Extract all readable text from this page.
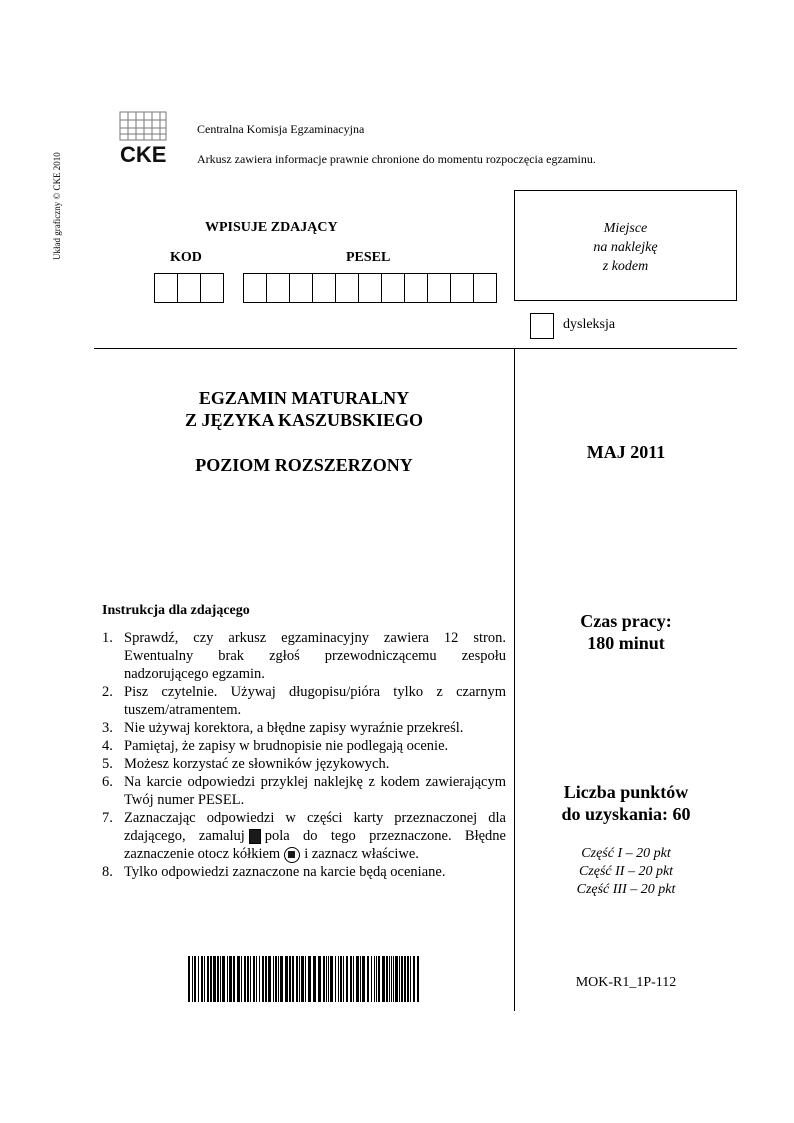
CKE
Centralna Komisja Egzaminacyjna
Arkusz zawiera informacje prawnie chronione do momentu rozpoczęcia egzaminu.
Układ graficzny © CKE 2010	WPISUJE ZDAJĄCY
KOD	PESEL
Miejsce
na naklejkę
z kodem
dysleksja
EGZAMIN MATURALNY
Z JĘZYKA KASZUBSKIEGO
POZIOM ROZSZERZONY
MAJ 2011
Instrukcja dla zdającego
1. Sprawdź, czy arkusz egzaminacyjny zawiera 12 stron. Ewentualny brak zgłoś przewodniczącemu zespołu nadzorującego egzamin.
2. Pisz czytelnie. Używaj długopisu/pióra tylko z czarnym tuszem/atramentem.
3. Nie używaj korektora, a błędne zapisy wyraźnie przekreśl.
4. Pamiętaj, że zapisy w brudnopisie nie podlegają ocenie.
5. Możesz korzystać ze słowników językowych.
6. Na karcie odpowiedzi przyklej naklejkę z kodem zawierającym Twój numer PESEL.
7. Zaznaczając odpowiedzi w części karty przeznaczonej dla zdającego, zamaluj pola do tego przeznaczone. Błędne zaznaczenie otocz kółkiem i zaznacz właściwe.
8. Tylko odpowiedzi zaznaczone na karcie będą oceniane.
Czas pracy:
180 minut
Liczba punktów
do uzyskania: 60
Część I – 20 pkt
Część II – 20 pkt
Część III – 20 pkt
MOK-R1_1P-112
